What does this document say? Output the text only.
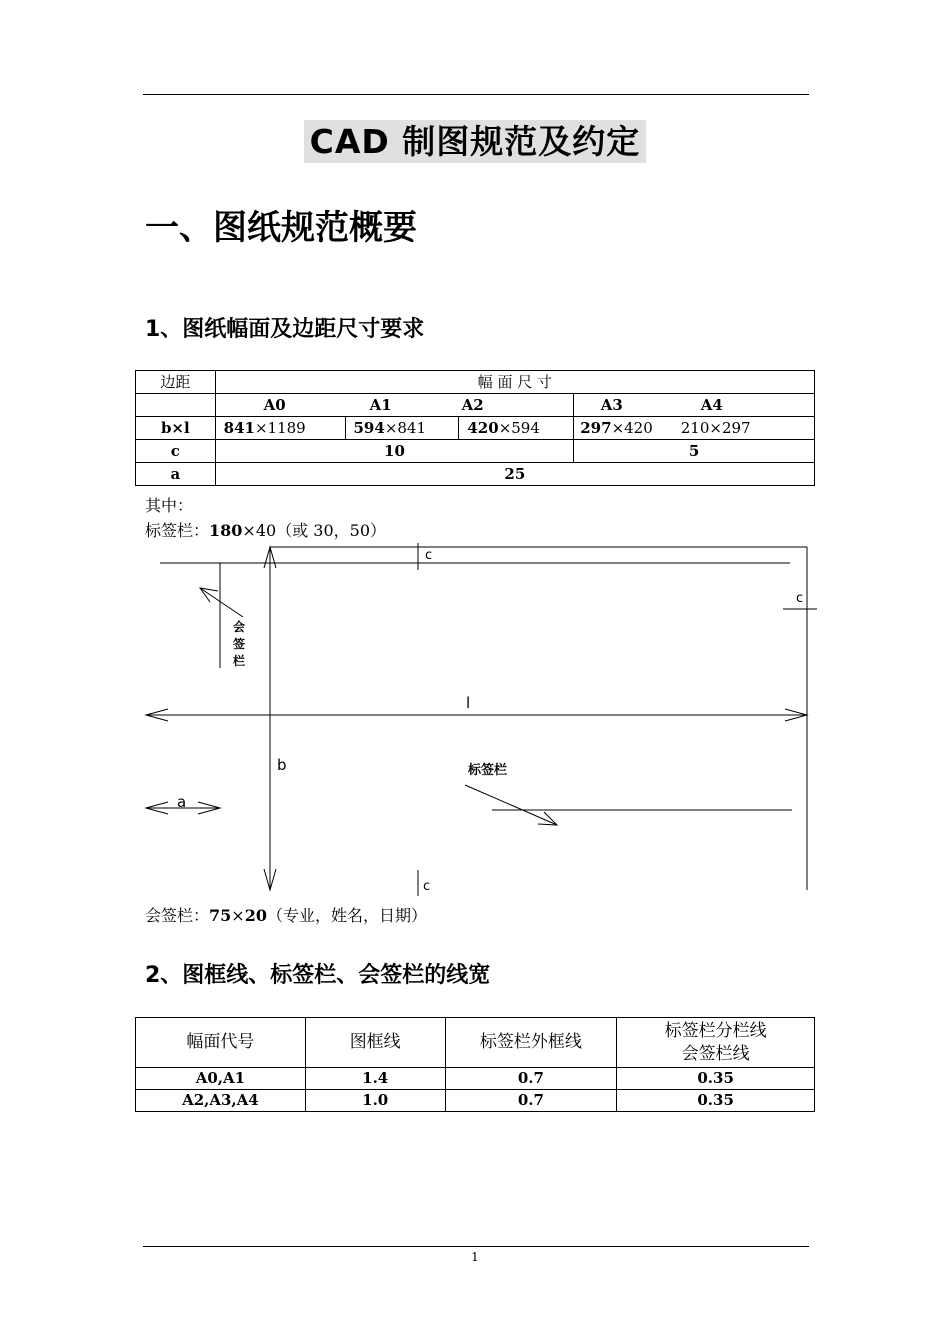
CAD 制图规范及约定
一、图纸规范概要
1、图纸幅面及边距尺寸要求
边距	幅 面 尺 寸			

	A0 A1 A2			A3 A4

b×l	841×1189	594×841	420×594	297×420 210×297
c	10			5
a	25			
其中：
标签栏：180×40（或 30，50）
c
c
c
l
b
a
会
签
栏
标签栏
会签栏：75×20（专业，姓名，日期）
2、图框线、标签栏、会签栏的线宽
幅面代号	图框线	标签栏外框线	标签栏分栏线
会签栏线

A0,A1	1.4	0.7	0.35
A2,A3,A4	1.0	0.7	0.35
1
